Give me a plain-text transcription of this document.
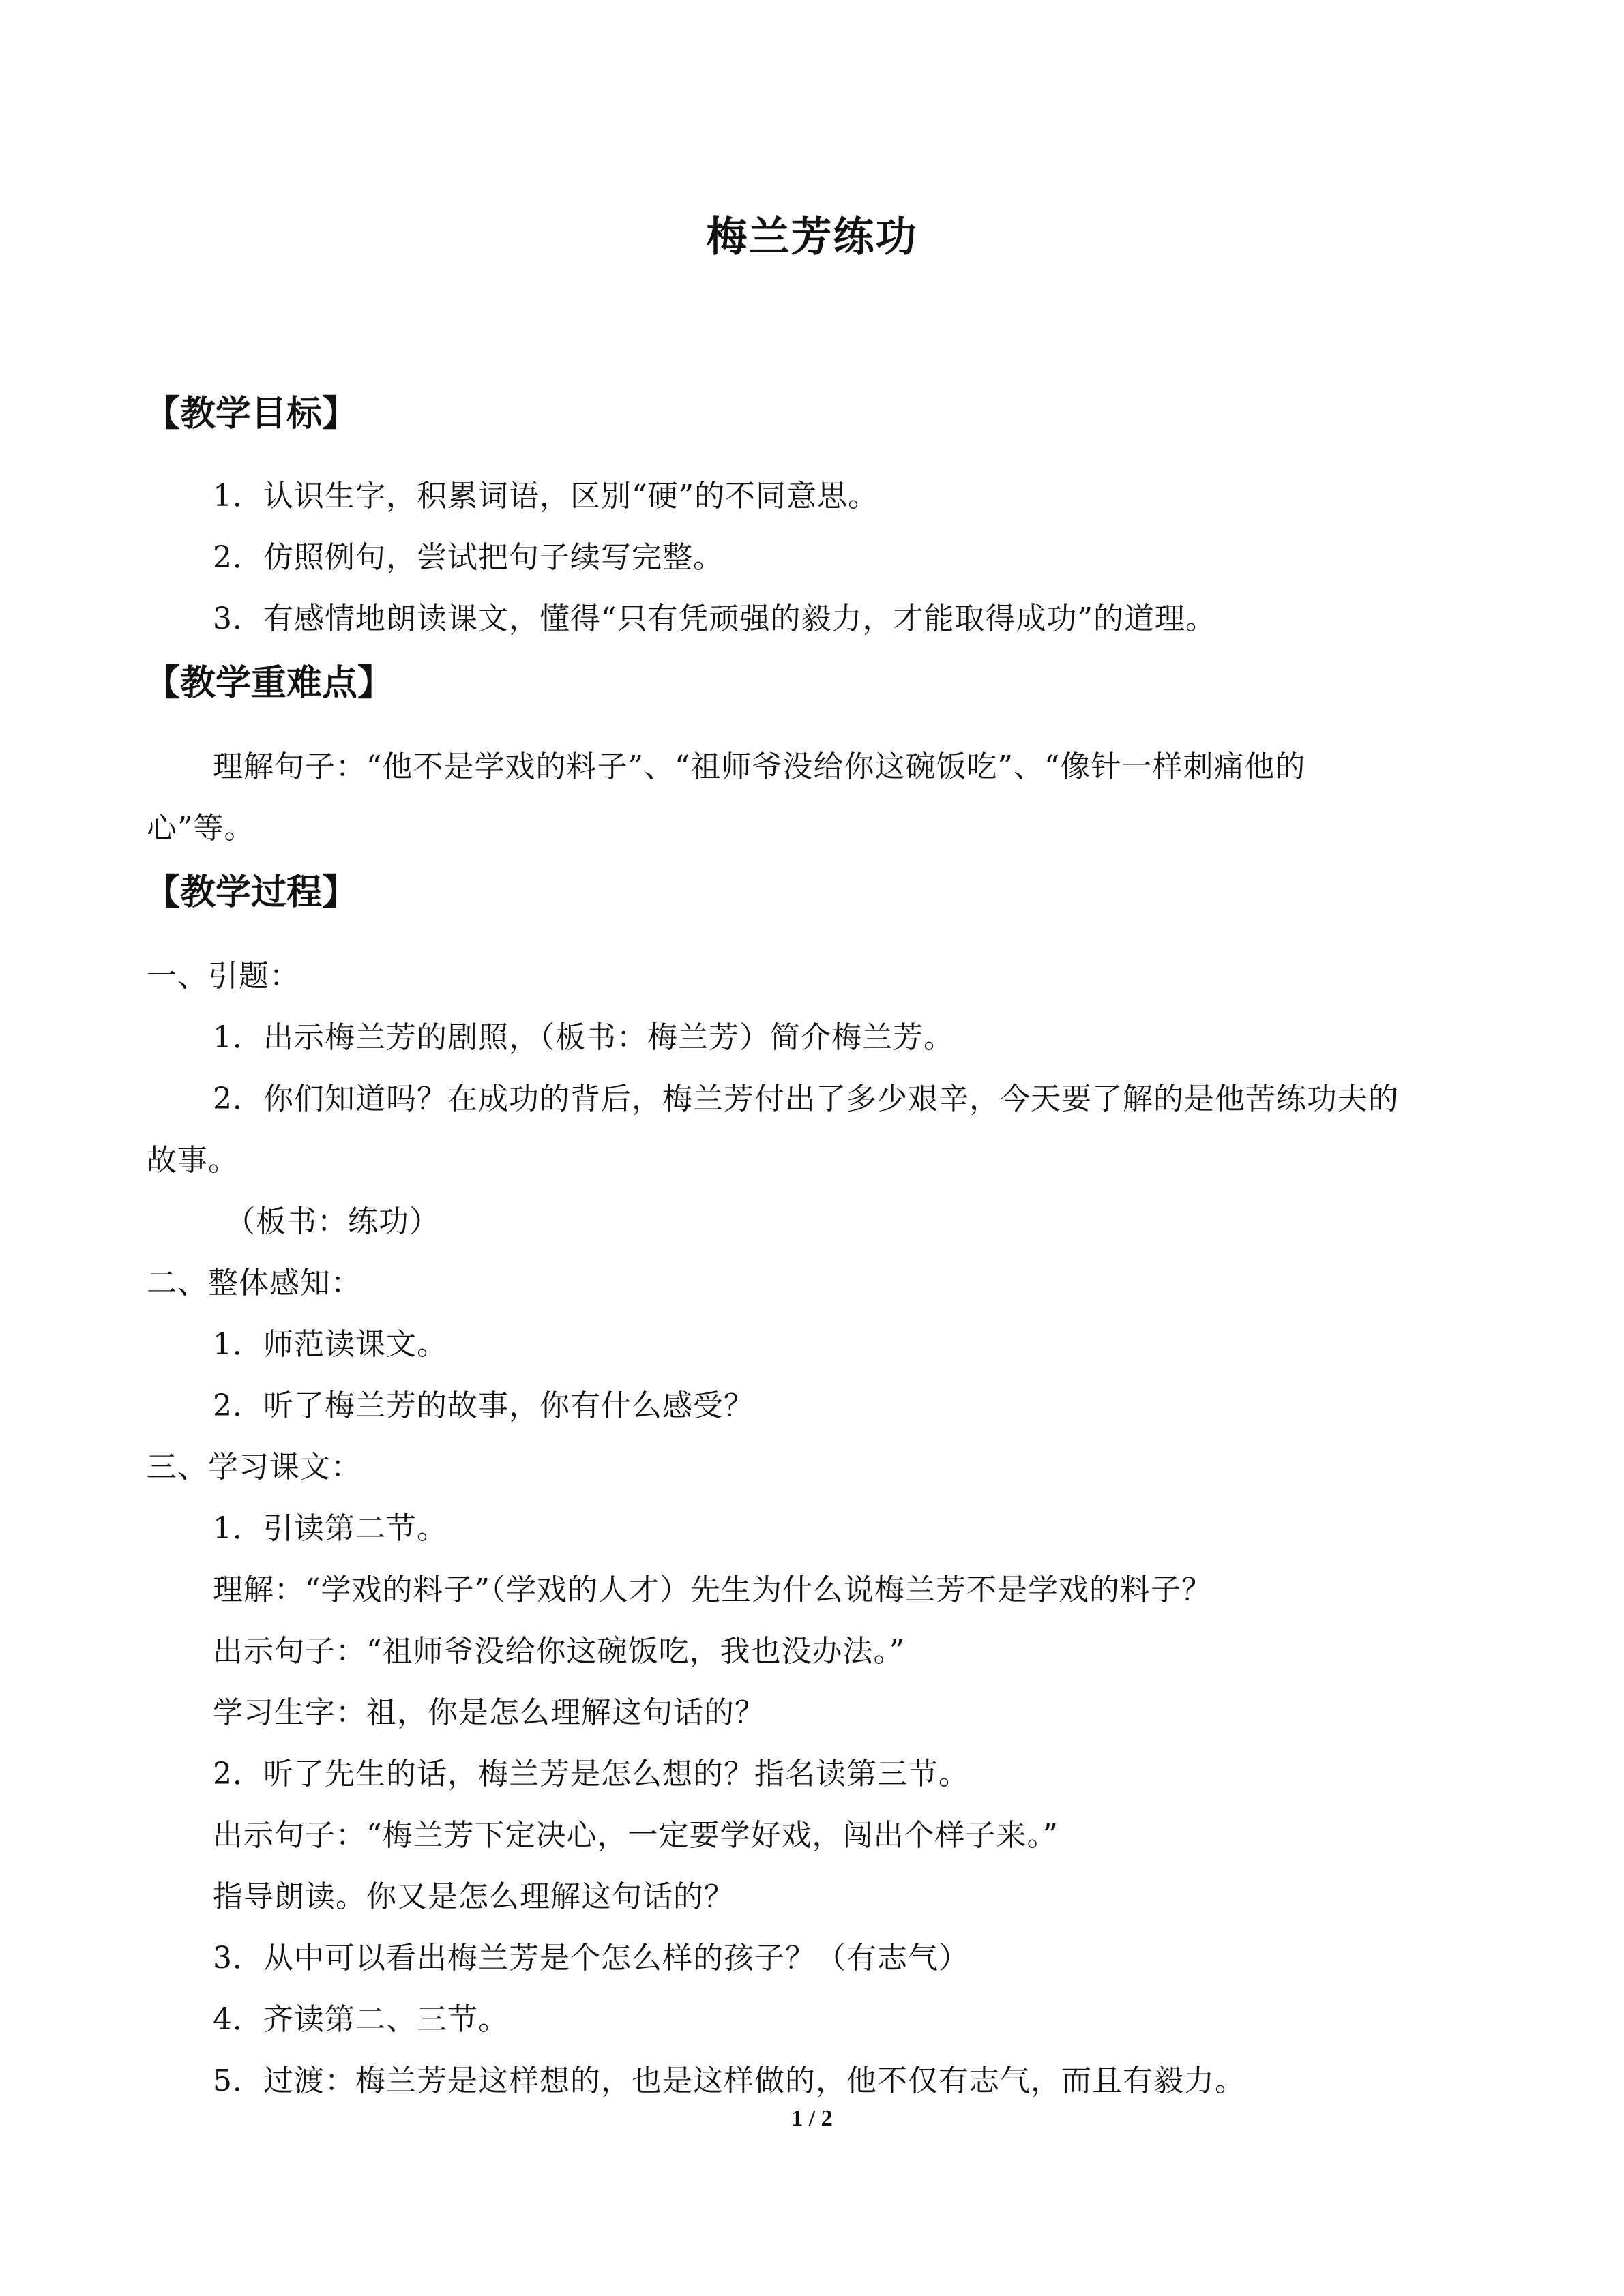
梅兰芳练功
【教学目标】
1．认识生字，积累词语，区别“硬”的不同意思。
2．仿照例句，尝试把句子续写完整。
3．有感情地朗读课文，懂得“只有凭顽强的毅力，才能取得成功”的道理。
【教学重难点】
理解句子：“他不是学戏的料子”、“祖师爷没给你这碗饭吃”、“像针一样刺痛他的
心”等。
【教学过程】
一、引题：
1．出示梅兰芳的剧照，（板书：梅兰芳）简介梅兰芳。
2．你们知道吗？在成功的背后，梅兰芳付出了多少艰辛，今天要了解的是他苦练功夫的
故事。
（板书：练功）
二、整体感知：
1．师范读课文。
2．听了梅兰芳的故事，你有什么感受？
三、学习课文：
1．引读第二节。
理解：“学戏的料子”（学戏的人才）先生为什么说梅兰芳不是学戏的料子？
出示句子：“祖师爷没给你这碗饭吃，我也没办法。”
学习生字：祖，你是怎么理解这句话的？
2．听了先生的话，梅兰芳是怎么想的？指名读第三节。
出示句子：“梅兰芳下定决心，一定要学好戏，闯出个样子来。”
指导朗读。你又是怎么理解这句话的？
3．从中可以看出梅兰芳是个怎么样的孩子？（有志气）
4．齐读第二、三节。
5．过渡：梅兰芳是这样想的，也是这样做的，他不仅有志气，而且有毅力。
1 / 2
